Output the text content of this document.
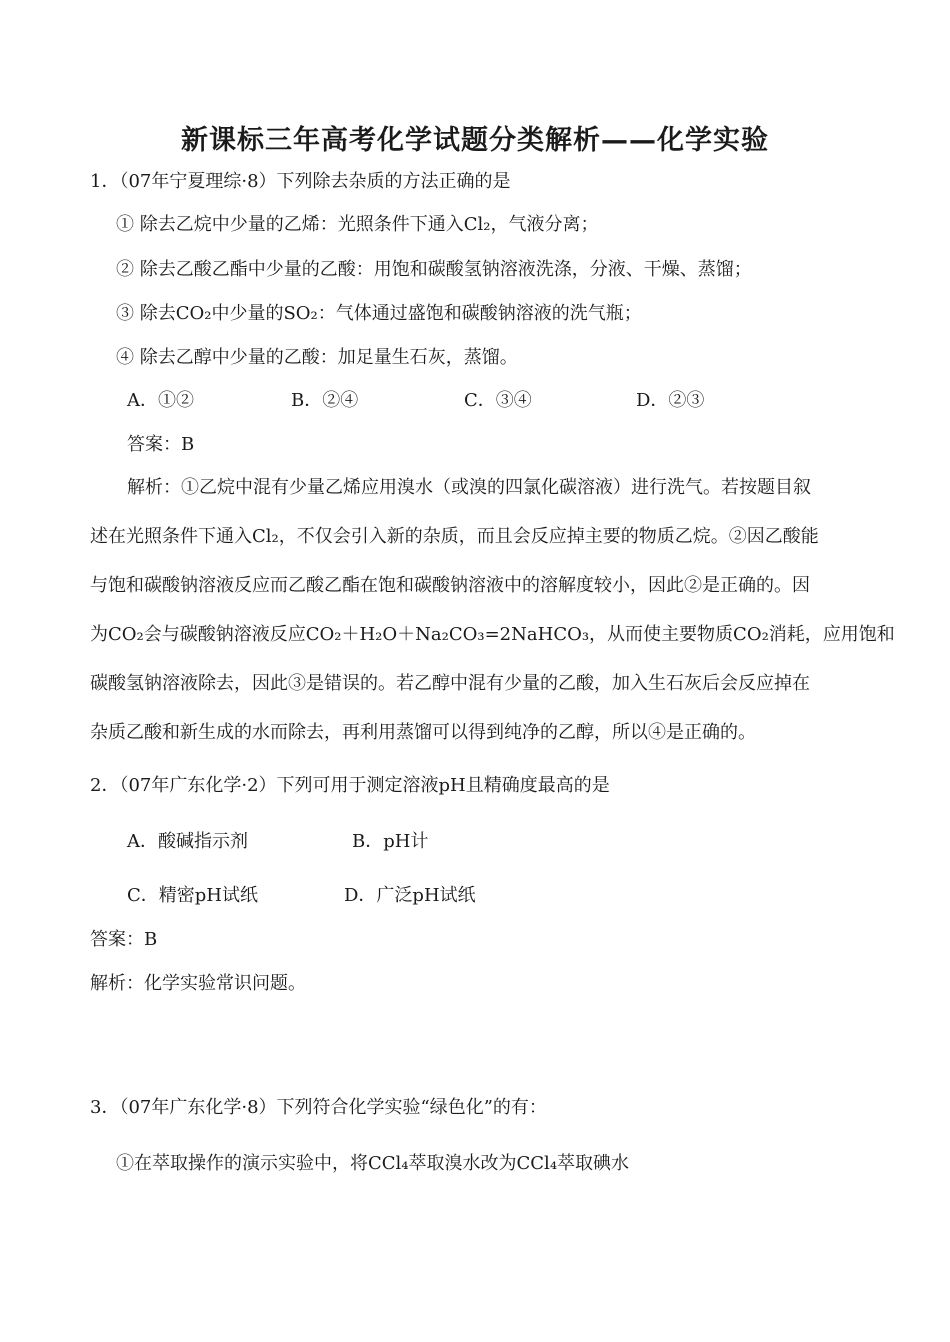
新课标三年高考化学试题分类解析——化学实验
1．（07年宁夏理综·8）下列除去杂质的方法正确的是
① 除去乙烷中少量的乙烯：光照条件下通入Cl₂，气液分离；
② 除去乙酸乙酯中少量的乙酸：用饱和碳酸氢钠溶液洗涤，分液、干燥、蒸馏；
③ 除去CO₂中少量的SO₂：气体通过盛饱和碳酸钠溶液的洗气瓶；
④ 除去乙醇中少量的乙酸：加足量生石灰，蒸馏。
A．①②	B．②④	C．③④	D．②③
答案：B
解析：①乙烷中混有少量乙烯应用溴水（或溴的四氯化碳溶液）进行洗气。若按题目叙
述在光照条件下通入Cl₂，不仅会引入新的杂质，而且会反应掉主要的物质乙烷。②因乙酸能
与饱和碳酸钠溶液反应而乙酸乙酯在饱和碳酸钠溶液中的溶解度较小，因此②是正确的。因
为CO₂会与碳酸钠溶液反应CO₂＋H₂O＋Na₂CO₃=2NaHCO₃，从而使主要物质CO₂消耗，应用饱和
碳酸氢钠溶液除去，因此③是错误的。若乙醇中混有少量的乙酸，加入生石灰后会反应掉在
杂质乙酸和新生成的水而除去，再利用蒸馏可以得到纯净的乙醇，所以④是正确的。
2．（07年广东化学·2）下列可用于测定溶液pH且精确度最高的是
A．酸碱指示剂	B．pH计
C．精密pH试纸	D．广泛pH试纸
答案：B
解析：化学实验常识问题。
3．（07年广东化学·8）下列符合化学实验“绿色化”的有：
①在萃取操作的演示实验中，将CCl₄萃取溴水改为CCl₄萃取碘水
